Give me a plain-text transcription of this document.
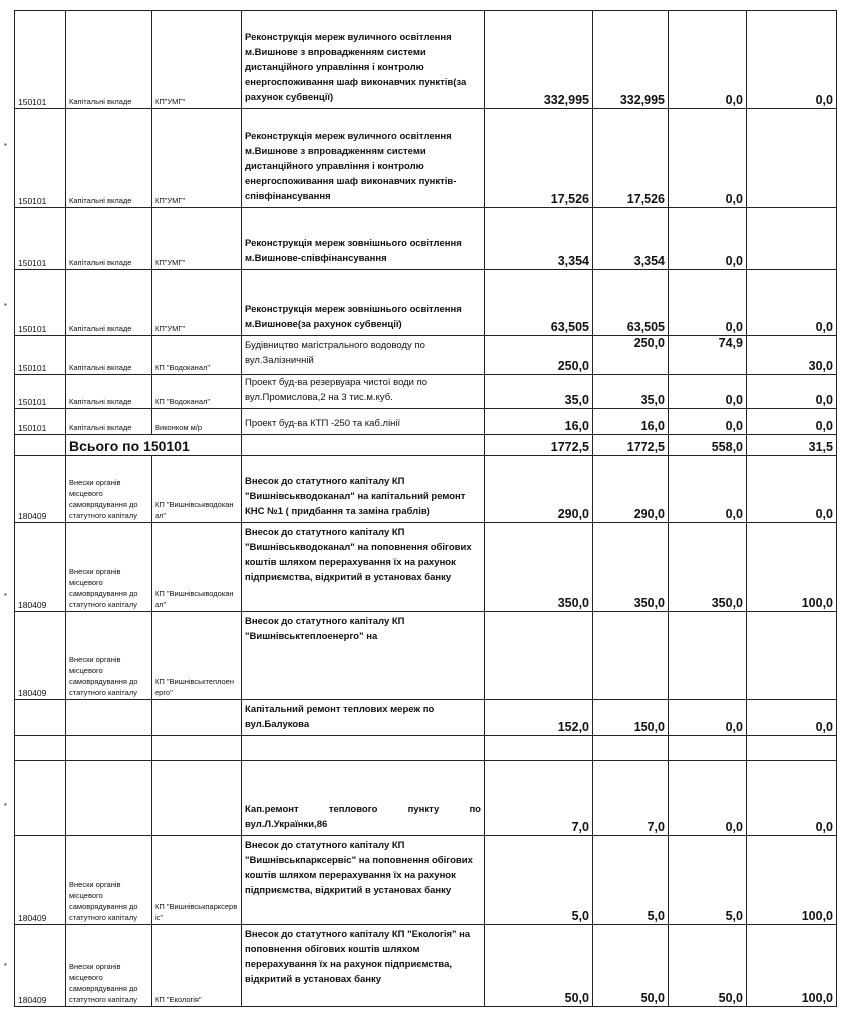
150101	Капітальні вкладе	КП"УМГ"	Реконструкція мереж вуличного освітлення м.Вишнове з впровадженням системи дистанційного управління і контролю енергоспоживання шаф виконавчих пунктів(за рахунок субвенції)	332,995	332,995	0,0	0,0
150101	Капітальні вкладе	КП"УМГ"	Реконструкція мереж вуличного освітлення м.Вишнове з впровадженням системи дистанційного управління і контролю енергоспоживання шаф виконавчих пунктів-співфінансування	17,526	17,526	0,0	
150101	Капітальні вкладе	КП"УМГ"	Реконструкція мереж зовнішнього освітлення м.Вишнове-співфінансування	3,354	3,354	0,0	
150101	Капітальні вкладе	КП"УМГ"	Реконструкція мереж зовнішнього освітлення м.Вишнове(за рахунок субвенції)	63,505	63,505	0,0	0,0
150101	Капітальні вкладе	КП "Водоканал"	Будівництво магістрального водоводу по вул.Залізничній	250,0	250,0	74,9	30,0
150101	Капітальні вкладе	КП "Водоканал"	Проект буд-ва резервуара чистої води по вул.Промислова,2 на 3 тис.м.куб.	35,0	35,0	0,0	0,0
150101	Капітальні вкладе	Виконком м/р	Проект буд-ва КТП -250 та каб.лінії	16,0	16,0	0,0	0,0
	Всього по 150101			1772,5	1772,5	558,0	31,5
180409	Внески органів місцевого самоврядування до статутного капіталу	КП "Вишнівськводокан ал"	Внесок до статутного капіталу КП "Вишнівськводоканал" на капітальний ремонт КНС №1 ( придбання та заміна граблів)	290,0	290,0	0,0	0,0
180409	Внески органів місцевого самоврядування до статутного капіталу	КП "Вишнівськводокан ал"	Внесок до статутного капіталу КП "Вишнівськводоканал" на поповнення обігових коштів шляхом перерахування їх на рахунок підприємства, відкритий в установах банку	350,0	350,0	350,0	100,0
180409	Внески органів місцевого самоврядування до статутного капіталу	КП "Вишнівськтеплоен ерго"	Внесок до статутного капіталу КП "Вишнівськтеплоенерго" на				
			Капітальний ремонт теплових мереж по вул.Балукова	152,0	150,0	0,0	0,0

			Кап.ремонт теплового пункту по вул.Л.Українки,86	7,0	7,0	0,0	0,0
180409	Внески органів місцевого самоврядування до статутного капіталу	КП "Вишнівськпарксерв іс"	Внесок до статутного капіталу КП "Вишнівськпарксервіс" на поповнення обігових коштів шляхом перерахування їх на рахунок підприємства, відкритий в установах банку	5,0	5,0	5,0	100,0
180409	Внески органів місцевого самоврядування до статутного капіталу	КП "Екологія"	Внесок до статутного капіталу КП "Екологія" на поповнення обігових коштів шляхом перерахування їх на рахунок підприємства, відкритий в установах банку	50,0	50,0	50,0	100,0
▪
▪
▪
▪
▪
